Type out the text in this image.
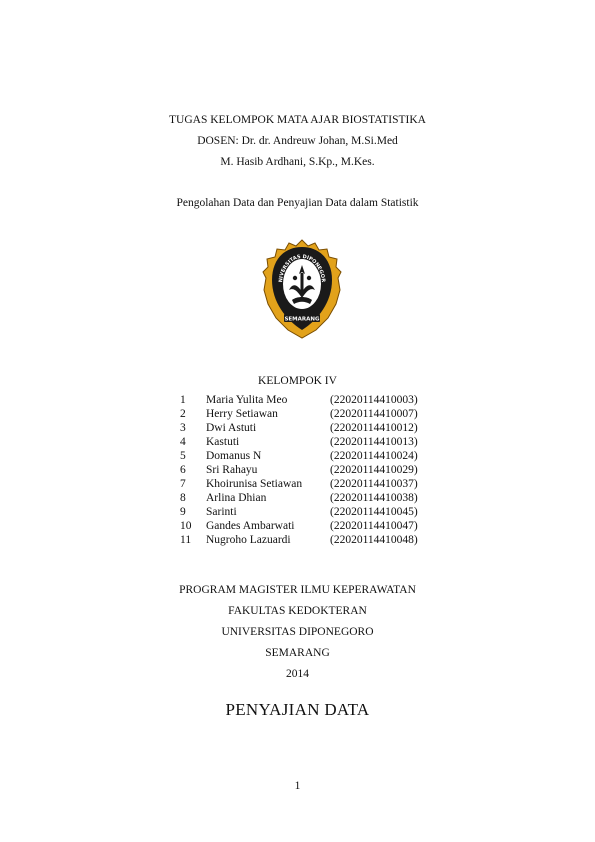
TUGAS KELOMPOK MATA AJAR BIOSTATISTIKA
DOSEN: Dr. dr. Andreuw Johan, M.Si.Med
M. Hasib Ardhani, S.Kp., M.Kes.
Pengolahan Data dan Penyajian Data dalam Statistik
NIVERSITAS DIPONEGOR
SEMARANG
KELOMPOK IV
1	Maria Yulita Meo	(22020114410003)
2	Herry Setiawan	(22020114410007)
3	Dwi Astuti	(22020114410012)
4	Kastuti	(22020114410013)
5	Domanus N	(22020114410024)
6	Sri Rahayu	(22020114410029)
7	Khoirunisa Setiawan (22020114410037)
8	Arlina Dhian	(22020114410038)
9	Sarinti	(22020114410045)
10	Gandes Ambarwati	(22020114410047)
11	Nugroho Lazuardi	(22020114410048)
PROGRAM MAGISTER ILMU KEPERAWATAN
FAKULTAS KEDOKTERAN
UNIVERSITAS DIPONEGORO
SEMARANG
2014
PENYAJIAN DATA
1
